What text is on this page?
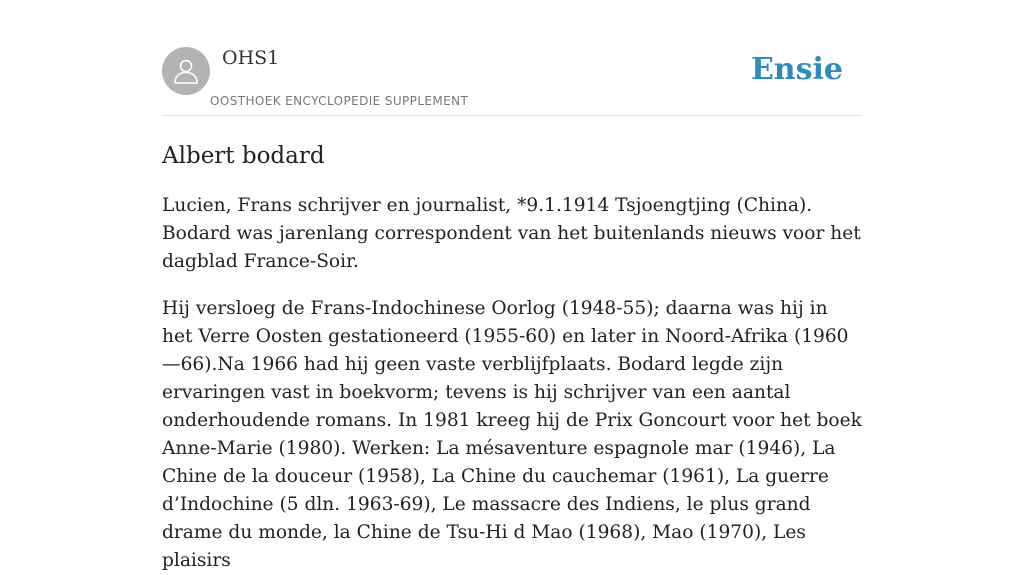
OHS1
OOSTHOEK ENCYCLOPEDIE SUPPLEMENT
Ensie
Albert bodard

Lucien, Frans schrijver en journalist, *9.1.1914 Tsjoengtjing (China). Bodard was jarenlang correspondent van het buitenlands nieuws voor het dagblad France-Soir.

Hij versloeg de Frans-Indochinese Oorlog (1948-55); daarna was hij in het Verre Oosten gestationeerd (1955-60) en later in Noord-Afrika (1960—66).Na 1966 had hij geen vaste verblijfplaats. Bodard legde zijn ervaringen vast in boekvorm; tevens is hij schrijver van een aantal onderhoudende romans. In 1981 kreeg hij de Prix Goncourt voor het boek Anne-Marie (1980). Werken: La mésaventure espagnole mar (1946), La Chine de la douceur (1958), La Chine du cauchemar (1961), La guerre d’Indochine (5 dln. 1963-69), Le massacre des Indiens, le plus grand drame du monde, la Chine de Tsu-Hi d Mao (1968), Mao (1970), Les plaisirs
